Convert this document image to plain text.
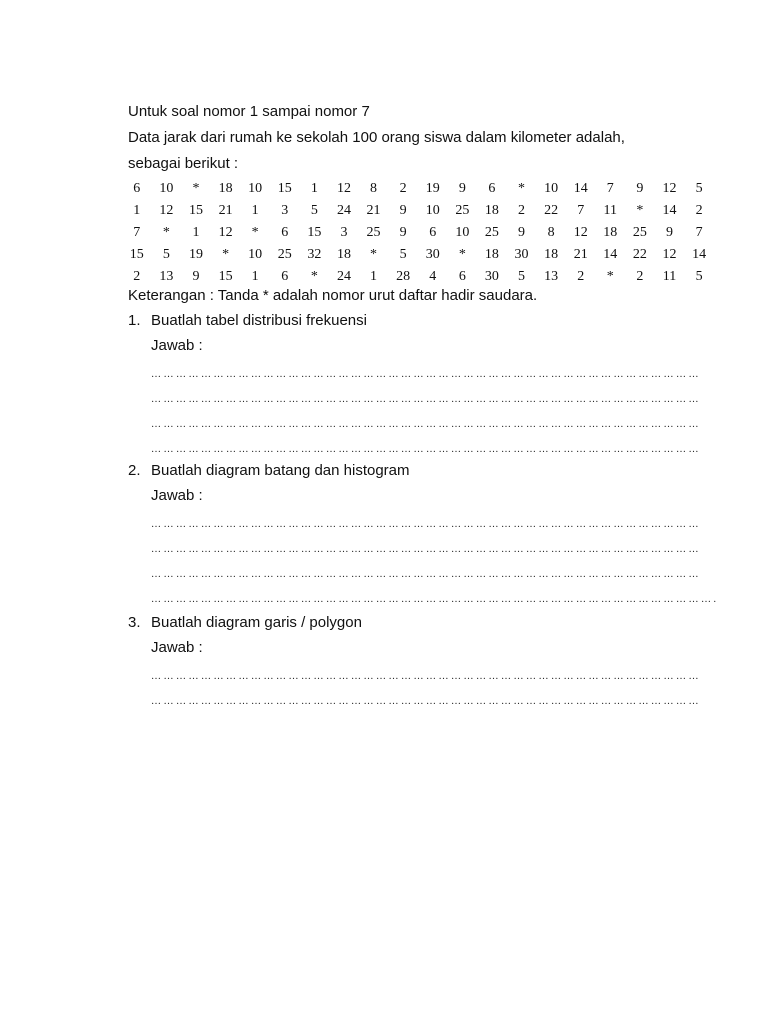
Untuk soal nomor 1 sampai nomor 7
Data jarak dari rumah ke sekolah 100 orang siswa dalam kilometer adalah,
sebagai berikut :
6	10	*	18	10	15	1	12	8	2	19	9	6	*	10	14	7	9	12	5
1	12	15	21	1	3	5	24	21	9	10	25	18	2	22	7	11	*	14	2
7	*	1	12	*	6	15	3	25	9	6	10	25	9	8	12	18	25	9	7
15	5	19	*	10	25	32	18	*	5	30	*	18	30	18	21	14	22	12	14
2	13	9	15	1	6	*	24	1	28	4	6	30	5	13	2	*	2	11	5
Keterangan : Tanda * adalah nomor urut daftar hadir saudara.
1. Buatlah tabel distribusi frekuensi
Jawab :
… … … … … … … … … … … … … … … … … … … … … … … … … … … … … … … … … … … … … … … … … … … …
… … … … … … … … … … … … … … … … … … … … … … … … … … … … … … … … … … … … … … … … … … … …
… … … … … … … … … … … … … … … … … … … … … … … … … … … … … … … … … … … … … … … … … … … …
… … … … … … … … … … … … … … … … … … … … … … … … … … … … … … … … … … … … … … … … … … … …
2. Buatlah diagram batang dan histogram
Jawab :
… … … … … … … … … … … … … … … … … … … … … … … … … … … … … … … … … … … … … … … … … … … …
… … … … … … … … … … … … … … … … … … … … … … … … … … … … … … … … … … … … … … … … … … … …
… … … … … … … … … … … … … … … … … … … … … … … … … … … … … … … … … … … … … … … … … … … …
… … … … … … … … … … … … … … … … … … … … … … … … … … … … … … … … … … … … … … … … … … … … … .
3. Buatlah diagram garis / polygon
Jawab :
… … … … … … … … … … … … … … … … … … … … … … … … … … … … … … … … … … … … … … … … … … … …
… … … … … … … … … … … … … … … … … … … … … … … … … … … … … … … … … … … … … … … … … … … …
